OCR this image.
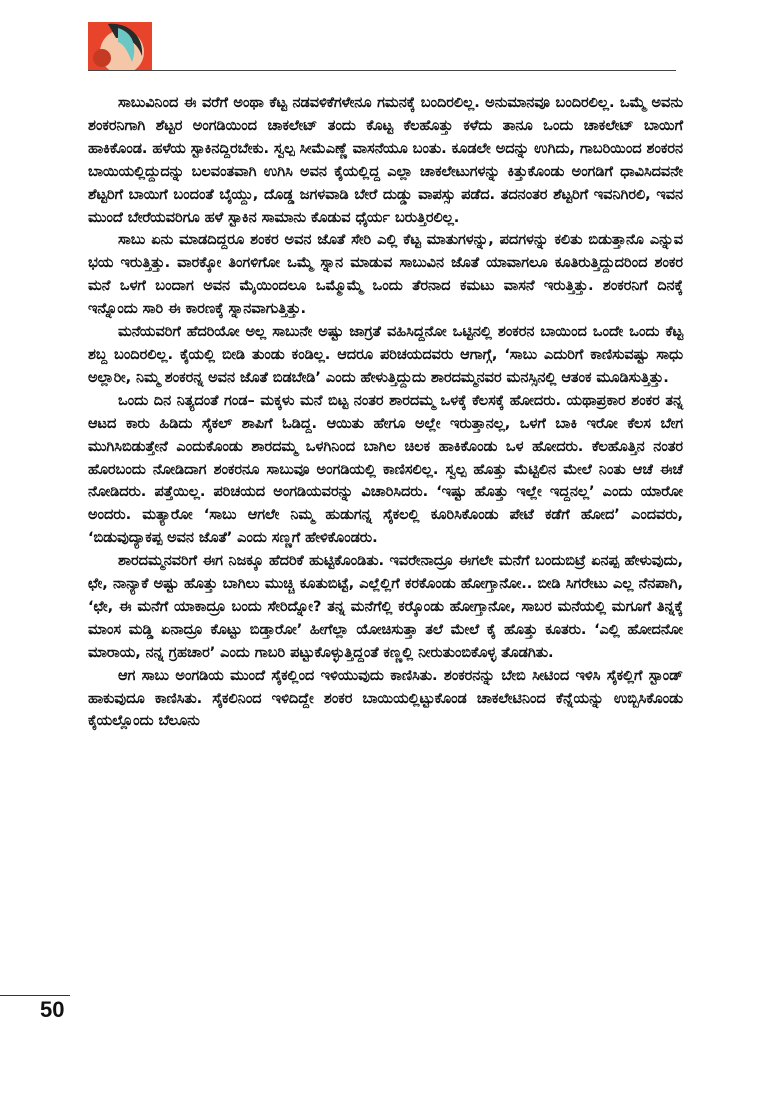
ಸಾಬುವಿನಿಂದ ಈ ವರೆಗೆ ಅಂಥಾ ಕೆಟ್ಟ ನಡವಳಿಕೆಗಳೇನೂ ಗಮನಕ್ಕೆ ಬಂದಿರಲಿಲ್ಲ. ಅನುಮಾನವೂ ಬಂದಿರಲಿಲ್ಲ. ಒಮ್ಮೆ ಅವನು ಶಂಕರನಿಗಾಗಿ ಶೆಟ್ಟರ ಅಂಗಡಿಯಿಂದ ಚಾಕಲೇಟ್ ತಂದು ಕೊಟ್ಟ ಕೆಲಹೊತ್ತು ಕಳೆದು ತಾನೂ ಒಂದು ಚಾಕಲೇಟ್ ಬಾಯಿಗೆ ಹಾಕಿಕೊಂಡ. ಹಳೆಯ ಸ್ಟಾಕಿನದ್ದಿರಬೇಕು. ಸ್ವಲ್ಪ ಸೀಮೆಎಣ್ಣೆ ವಾಸನೆಯೂ ಬಂತು. ಕೂಡಲೇ ಅದನ್ನು ಉಗಿದು, ಗಾಬರಿಯಿಂದ ಶಂಕರನ ಬಾಯಿಯಲ್ಲಿದ್ದುದನ್ನು ಬಲವಂತವಾಗಿ ಉಗಿಸಿ ಅವನ ಕೈಯಲ್ಲಿದ್ದ ಎಲ್ಲಾ ಚಾಕಲೇಟುಗಳನ್ನು ಕಿತ್ತುಕೊಂಡು ಅಂಗಡಿಗೆ ಧಾವಿಸಿದವನೇ ಶೆಟ್ಟರಿಗೆ ಬಾಯಿಗೆ ಬಂದಂತೆ ಬೈಯ್ದು, ದೊಡ್ಡ ಜಗಳವಾಡಿ ಬೇರೆ ದುಡ್ಡು ವಾಪಸ್ಸು ಪಡೆದ. ತದನಂತರ ಶೆಟ್ಟರಿಗೆ ಇವನಿಗಿರಲಿ, ಇವನ ಮುಂದೆ ಬೇರೆಯವರಿಗೂ ಹಳೆ ಸ್ಟಾಕಿನ ಸಾಮಾನು ಕೊಡುವ ಧೈರ್ಯ ಬರುತ್ತಿರಲಿಲ್ಲ.

ಸಾಬು ಏನು ಮಾಡದಿದ್ದರೂ ಶಂಕರ ಅವನ ಜೊತೆ ಸೇರಿ ಎಲ್ಲಿ ಕೆಟ್ಟ ಮಾತುಗಳನ್ನು, ಪದಗಳನ್ನು ಕಲಿತು ಬಿಡುತ್ತಾನೊ ಎನ್ನುವ ಭಯ ಇರುತ್ತಿತ್ತು. ವಾರಕ್ಕೋ ತಿಂಗಳಿಗೋ ಒಮ್ಮೆ ಸ್ನಾನ ಮಾಡುವ ಸಾಬುವಿನ ಜೊತೆ ಯಾವಾಗಲೂ ಕೂತಿರುತ್ತಿದ್ದುದರಿಂದ ಶಂಕರ ಮನೆ ಒಳಗೆ ಬಂದಾಗ ಅವನ ಮೈಯಿಂದಲೂ ಒಮ್ಮೊಮ್ಮೆ ಒಂದು ತೆರನಾದ ಕಮಟು ವಾಸನೆ ಇರುತ್ತಿತ್ತು. ಶಂಕರನಿಗೆ ದಿನಕ್ಕೆ ಇನ್ನೊಂದು ಸಾರಿ ಈ ಕಾರಣಕ್ಕೆ ಸ್ನಾನವಾಗುತ್ತಿತ್ತು.

ಮನೆಯವರಿಗೆ ಹೆದರಿಯೋ ಅಲ್ಲ ಸಾಬುನೇ ಅಷ್ಟು ಜಾಗ್ರತೆ ವಹಿಸಿದ್ದನೋ ಒಟ್ಟಿನಲ್ಲಿ ಶಂಕರನ ಬಾಯಿಂದ ಒಂದೇ ಒಂದು ಕೆಟ್ಟ ಶಬ್ದ ಬಂದಿರಲಿಲ್ಲ. ಕೈಯಲ್ಲಿ ಬೀಡಿ ತುಂಡು ಕಂಡಿಲ್ಲ. ಆದರೂ ಪರಿಚಯದವರು ಆಗಾಗ್ಗೆ, ‘ಸಾಬು ಎದುರಿಗೆ ಕಾಣಿಸುವಷ್ಟು ಸಾಧು ಅಲ್ಲಾರೀ, ನಿಮ್ಮ ಶಂಕರನ್ನ ಅವನ ಜೊತೆ ಬಿಡಬೇಡಿ’ ಎಂದು ಹೇಳುತ್ತಿದ್ದುದು ಶಾರದಮ್ಮನವರ ಮನಸ್ಸಿನಲ್ಲಿ ಆತಂಕ ಮೂಡಿಸುತ್ತಿತ್ತು.

ಒಂದು ದಿನ ನಿತ್ಯದಂತೆ ಗಂಡ– ಮಕ್ಕಳು ಮನೆ ಬಿಟ್ಟ ನಂತರ ಶಾರದಮ್ಮ ಒಳಕ್ಕೆ ಕೆಲಸಕ್ಕೆ ಹೋದರು. ಯಥಾಪ್ರಕಾರ ಶಂಕರ ತನ್ನ ಆಟದ ಕಾರು ಹಿಡಿದು ಸೈಕಲ್ ಶಾಪಿಗೆ ಓಡಿದ್ದ. ಆಯಿತು ಹೇಗೂ ಅಲ್ಲೇ ಇರುತ್ತಾನಲ್ಲ, ಒಳಗೆ ಬಾಕಿ ಇರೋ ಕೆಲಸ ಬೇಗ ಮುಗಿಸಿಬಿಡುತ್ತೇನೆ ಎಂದುಕೊಂಡು ಶಾರದಮ್ಮ ಒಳಗಿನಿಂದ ಬಾಗಿಲ ಚಿಲಕ ಹಾಕಿಕೊಂಡು ಒಳ ಹೋದರು. ಕೆಲಹೊತ್ತಿನ ನಂತರ ಹೊರಬಂದು ನೋಡಿದಾಗ ಶಂಕರನೂ ಸಾಬುವೂ ಅಂಗಡಿಯಲ್ಲಿ ಕಾಣಿಸಲಿಲ್ಲ. ಸ್ವಲ್ಪ ಹೊತ್ತು ಮೆಟ್ಟಿಲಿನ ಮೇಲೆ ನಿಂತು ಆಚೆ ಈಚೆ ನೋಡಿದರು. ಪತ್ತೆಯಿಲ್ಲ. ಪರಿಚಯದ ಅಂಗಡಿಯವರನ್ನು ವಿಚಾರಿಸಿದರು. ‘ಇಷ್ಟು ಹೊತ್ತು ಇಲ್ಲೇ ಇದ್ದನಲ್ಲ’ ಎಂದು ಯಾರೋ ಅಂದರು. ಮತ್ಯಾರೋ ‘ಸಾಬು ಆಗಲೇ ನಿಮ್ಮ ಹುಡುಗನ್ನ ಸೈಕಲಲ್ಲಿ ಕೂರಿಸಿಕೊಂಡು ಪೇಟೆ ಕಡೆಗೆ ಹೋದ’ ಎಂದವರು, ‘ಬಿಡುವುದ್ಯಾಕಪ್ಪ ಅವನ ಜೊತೆ’ ಎಂದು ಸಣ್ಣಗೆ ಹೇಳಿಕೊಂಡರು.

ಶಾರದಮ್ಮನವರಿಗೆ ಈಗ ನಿಜಕ್ಕೂ ಹೆದರಿಕೆ ಹುಟ್ಟಿಕೊಂಡಿತು. ಇವರೇನಾದ್ರೂ ಈಗಲೇ ಮನೆಗೆ ಬಂದುಬಿಟ್ರೆ ಏನಪ್ಪ ಹೇಳುವುದು, ಛೇ, ನಾನ್ಯಾಕೆ ಅಷ್ಟು ಹೊತ್ತು ಬಾಗಿಲು ಮುಚ್ಚಿ ಕೂತುಬಿಟ್ಟೆ, ಎಲ್ಲೆಲ್ಲಿಗೆ ಕರಕೊಂಡು ಹೋಗ್ತಾನೋ.. ಬೀಡಿ ಸಿಗರೇಟು ಎಲ್ಲ ನೆನಪಾಗಿ, ‘ಛೇ, ಈ ಮನೆಗೆ ಯಾಕಾದ್ರೂ ಬಂದು ಸೇರಿದ್ನೋ? ತನ್ನ ಮನೆಗೆಲ್ಲಿ ಕರ್‍ಕೊಂಡು ಹೋಗ್ತಾನೋ, ಸಾಬರ ಮನೆಯಲ್ಲಿ ಮಗೂಗೆ ತಿನ್ನಕ್ಕೆ ಮಾಂಸ ಮಡ್ಡಿ ಏನಾದ್ರೂ ಕೊಟ್ಟು ಬಿಡ್ತಾರೋ’ ಹೀಗೆಲ್ಲಾ ಯೋಚಿಸುತ್ತಾ ತಲೆ ಮೇಲೆ ಕೈ ಹೊತ್ತು ಕೂತರು. ‘ಎಲ್ಲಿ ಹೋದನೋ ಮಾರಾಯ, ನನ್ನ ಗ್ರಹಚಾರ’ ಎಂದು ಗಾಬರಿ ಪಟ್ಟುಕೊಳ್ಳುತ್ತಿದ್ದಂತೆ ಕಣ್ಣಲ್ಲಿ ನೀರುತುಂಬಿಕೊಳ್ಳ ತೊಡಗಿತು.

ಆಗ ಸಾಬು ಅಂಗಡಿಯ ಮುಂದೆ ಸೈಕಲ್ಲಿಂದ ಇಳಿಯುವುದು ಕಾಣಿಸಿತು. ಶಂಕರನನ್ನು ಬೇಬಿ ಸೀಟಿಂದ ಇಳಿಸಿ ಸೈಕಲ್ಲಿಗೆ ಸ್ಟಾಂಡ್ ಹಾಕುವುದೂ ಕಾಣಿಸಿತು. ಸೈಕಲಿನಿಂದ ಇಳಿದಿದ್ದೇ ಶಂಕರ ಬಾಯಿಯಲ್ಲಿಟ್ಟುಕೊಂಡ ಚಾಕಲೇಟಿನಿಂದ ಕೆನ್ನೆಯನ್ನು ಉಬ್ಬಿಸಿಕೊಂಡು ಕೈಯಲ್ಲೊಂದು ಬೆಲೂನು

50
